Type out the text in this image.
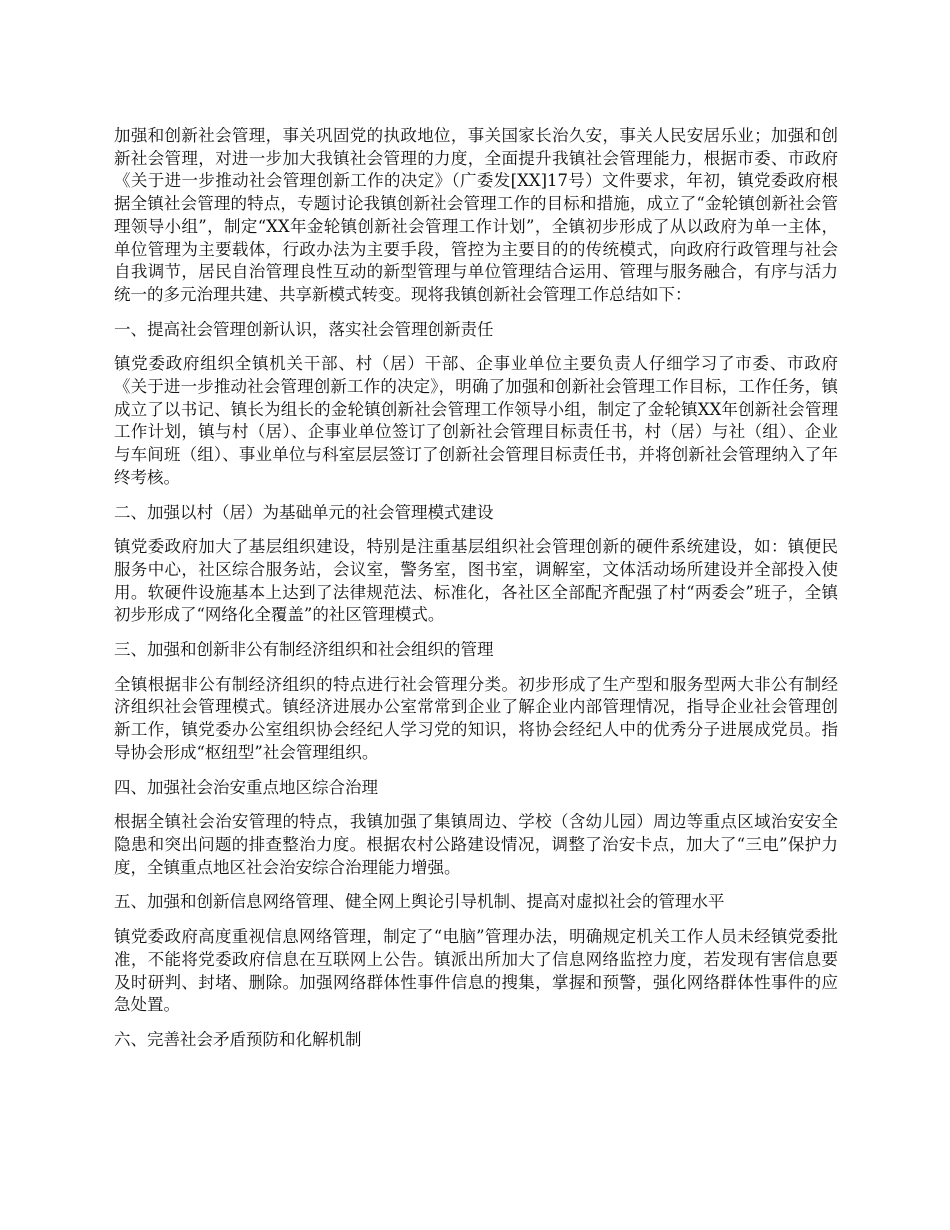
加强和创新社会管理，事关巩固党的执政地位，事关国家长治久安，事关人民安居乐业；加强和创新社会管理，对进一步加大我镇社会管理的力度，全面提升我镇社会管理能力，根据市委、市政府《关于进一步推动社会管理创新工作的决定》（广委发[XX]17号）文件要求，年初，镇党委政府根据全镇社会管理的特点，专题讨论我镇创新社会管理工作的目标和措施，成立了“金轮镇创新社会管理领导小组”，制定“XX年金轮镇创新社会管理工作计划”，全镇初步形成了从以政府为单一主体，单位管理为主要载体，行政办法为主要手段，管控为主要目的的传统模式，向政府行政管理与社会自我调节，居民自治管理良性互动的新型管理与单位管理结合运用、管理与服务融合，有序与活力统一的多元治理共建、共享新模式转变。现将我镇创新社会管理工作总结如下：

一、提高社会管理创新认识，落实社会管理创新责任

镇党委政府组织全镇机关干部、村（居）干部、企事业单位主要负责人仔细学习了市委、市政府《关于进一步推动社会管理创新工作的决定》，明确了加强和创新社会管理工作目标，工作任务，镇成立了以书记、镇长为组长的金轮镇创新社会管理工作领导小组，制定了金轮镇XX年创新社会管理工作计划，镇与村（居）、企事业单位签订了创新社会管理目标责任书，村（居）与社（组）、企业与车间班（组）、事业单位与科室层层签订了创新社会管理目标责任书，并将创新社会管理纳入了年终考核。

二、加强以村（居）为基础单元的社会管理模式建设

镇党委政府加大了基层组织建设，特别是注重基层组织社会管理创新的硬件系统建设，如：镇便民服务中心，社区综合服务站，会议室，警务室，图书室，调解室，文体活动场所建设并全部投入使用。软硬件设施基本上达到了法律规范法、标准化，各社区全部配齐配强了村“两委会”班子，全镇初步形成了“网络化全覆盖”的社区管理模式。

三、加强和创新非公有制经济组织和社会组织的管理

全镇根据非公有制经济组织的特点进行社会管理分类。初步形成了生产型和服务型两大非公有制经济组织社会管理模式。镇经济进展办公室常常到企业了解企业内部管理情况，指导企业社会管理创新工作，镇党委办公室组织协会经纪人学习党的知识，将协会经纪人中的优秀分子进展成党员。指导协会形成“枢纽型”社会管理组织。

四、加强社会治安重点地区综合治理

根据全镇社会治安管理的特点，我镇加强了集镇周边、学校（含幼儿园）周边等重点区域治安安全隐患和突出问题的排查整治力度。根据农村公路建设情况，调整了治安卡点，加大了“三电”保护力度，全镇重点地区社会治安综合治理能力增强。

五、加强和创新信息网络管理、健全网上舆论引导机制、提高对虚拟社会的管理水平

镇党委政府高度重视信息网络管理，制定了“电脑”管理办法，明确规定机关工作人员未经镇党委批准，不能将党委政府信息在互联网上公告。镇派出所加大了信息网络监控力度，若发现有害信息要及时研判、封堵、删除。加强网络群体性事件信息的搜集，掌握和预警，强化网络群体性事件的应急处置。

六、完善社会矛盾预防和化解机制
